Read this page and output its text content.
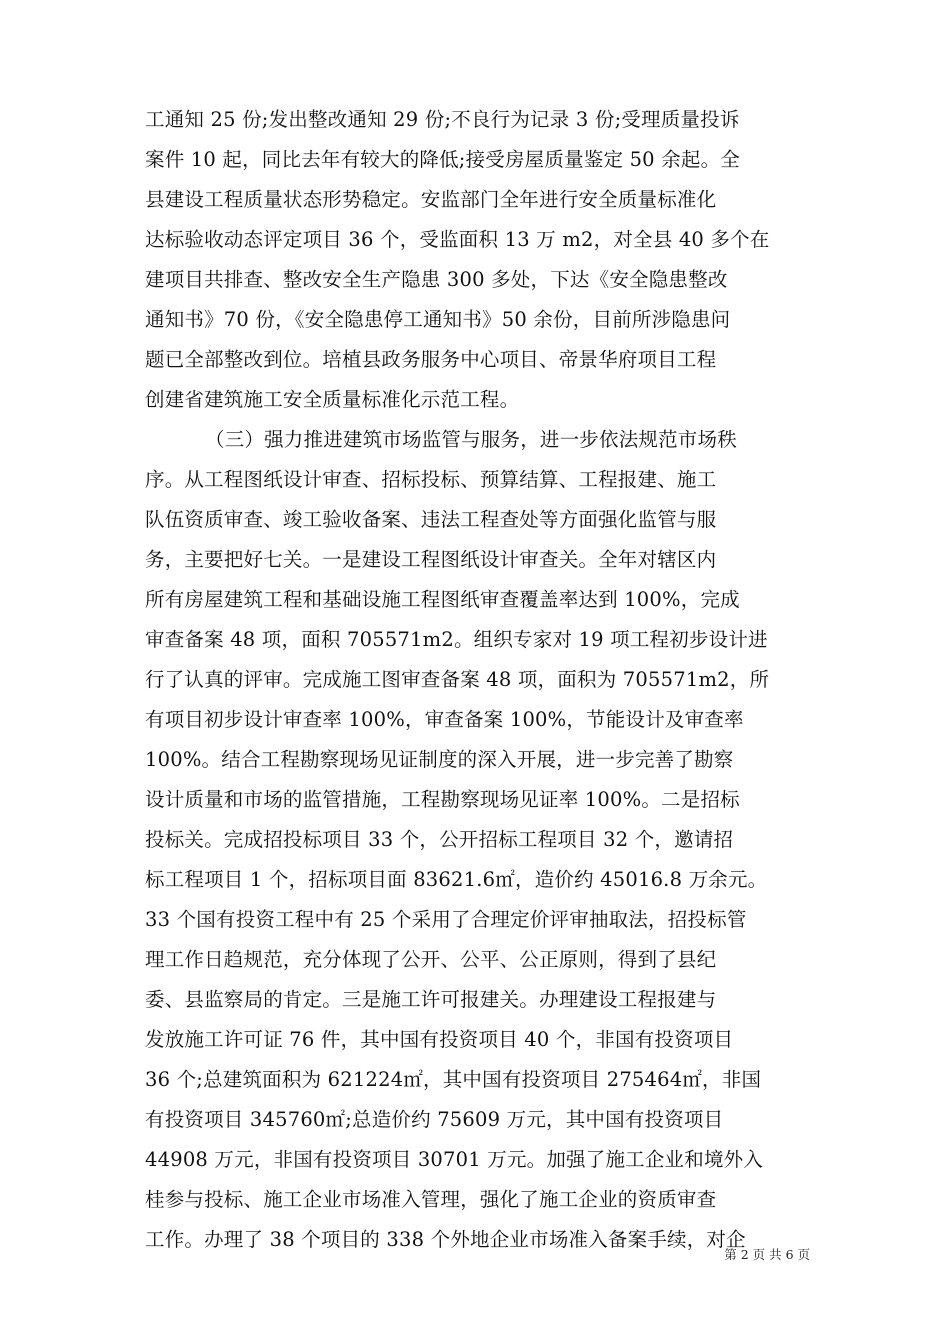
工通知 25 份;发出整改通知 29 份;不良行为记录 3 份;受理质量投诉
案件 10 起，同比去年有较大的降低;接受房屋质量鉴定 50 余起。全
县建设工程质量状态形势稳定。安监部门全年进行安全质量标准化
达标验收动态评定项目 36 个，受监面积 13 万 m2，对全县 40 多个在
建项目共排查、整改安全生产隐患 300 多处，下达《安全隐患整改
通知书》70 份，《安全隐患停工通知书》50 余份，目前所涉隐患问
题已全部整改到位。培植县政务服务中心项目、帝景华府项目工程
创建省建筑施工安全质量标准化示范工程。
（三）强力推进建筑市场监管与服务，进一步依法规范市场秩
序。从工程图纸设计审查、招标投标、预算结算、工程报建、施工
队伍资质审查、竣工验收备案、违法工程查处等方面强化监管与服
务，主要把好七关。一是建设工程图纸设计审查关。全年对辖区内
所有房屋建筑工程和基础设施工程图纸审查覆盖率达到 100%，完成
审查备案 48 项，面积 705571m2。组织专家对 19 项工程初步设计进
行了认真的评审。完成施工图审查备案 48 项，面积为 705571m2，所
有项目初步设计审查率 100%，审查备案 100%，节能设计及审查率
100%。结合工程勘察现场见证制度的深入开展，进一步完善了勘察
设计质量和市场的监管措施，工程勘察现场见证率 100%。二是招标
投标关。完成招投标项目 33 个，公开招标工程项目 32 个，邀请招
标工程项目 1 个，招标项目面 83621.6㎡，造价约 45016.8 万余元。
33 个国有投资工程中有 25 个采用了合理定价评审抽取法，招投标管
理工作日趋规范，充分体现了公开、公平、公正原则，得到了县纪
委、县监察局的肯定。三是施工许可报建关。办理建设工程报建与
发放施工许可证 76 件，其中国有投资项目 40 个，非国有投资项目
36 个;总建筑面积为 621224㎡，其中国有投资项目 275464㎡，非国
有投资项目 345760㎡;总造价约 75609 万元，其中国有投资项目
44908 万元，非国有投资项目 30701 万元。加强了施工企业和境外入
桂参与投标、施工企业市场准入管理，强化了施工企业的资质审查
工作。办理了 38 个项目的 338 个外地企业市场准入备案手续，对企
第 2 页 共 6 页
